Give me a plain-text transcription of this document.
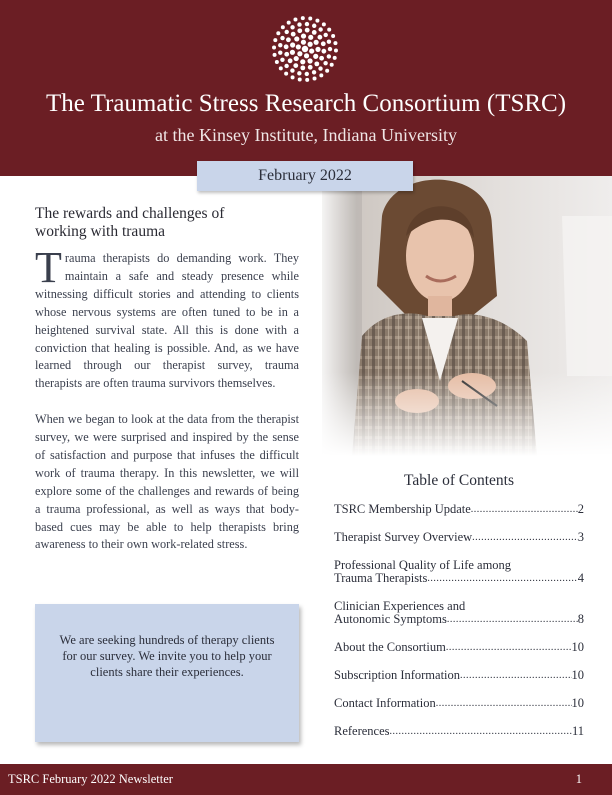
The Traumatic Stress Research Consortium (TSRC)
at the Kinsey Institute, Indiana University
February 2022
The rewards and challenges of
working with trauma

Trauma therapists do demanding work. They maintain a safe and steady presence while witnessing difficult stories and attending to clients whose nervous systems are often tuned to be in a heightened survival state. All this is done with a conviction that healing is possible. And, as we have learned through our therapist survey, trauma therapists are often trauma survivors themselves.

When we began to look at the data from the therapist survey, we were surprised and inspired by the sense of satisfaction and purpose that infuses the difficult work of trauma therapy. In this newsletter, we will explore some of the challenges and rewards of being a trauma professional, as well as ways that body-based cues may be able to help therapists bring awareness to their own work-related stress.

We are seeking hundreds of therapy clients for our survey. We invite you to help your clients share their experiences.
Table of Contents
TSRC Membership Update .....	2
Therapist Survey Overview .....	3
Professional Quality of Life among
Trauma Therapists .....	4
Clinician Experiences and
Autonomic Symptoms .....	8
About the Consortium .....	10
Subscription Information .....	10
Contact Information .....	10
References .....	11
TSRC February 2022 Newsletter	1
